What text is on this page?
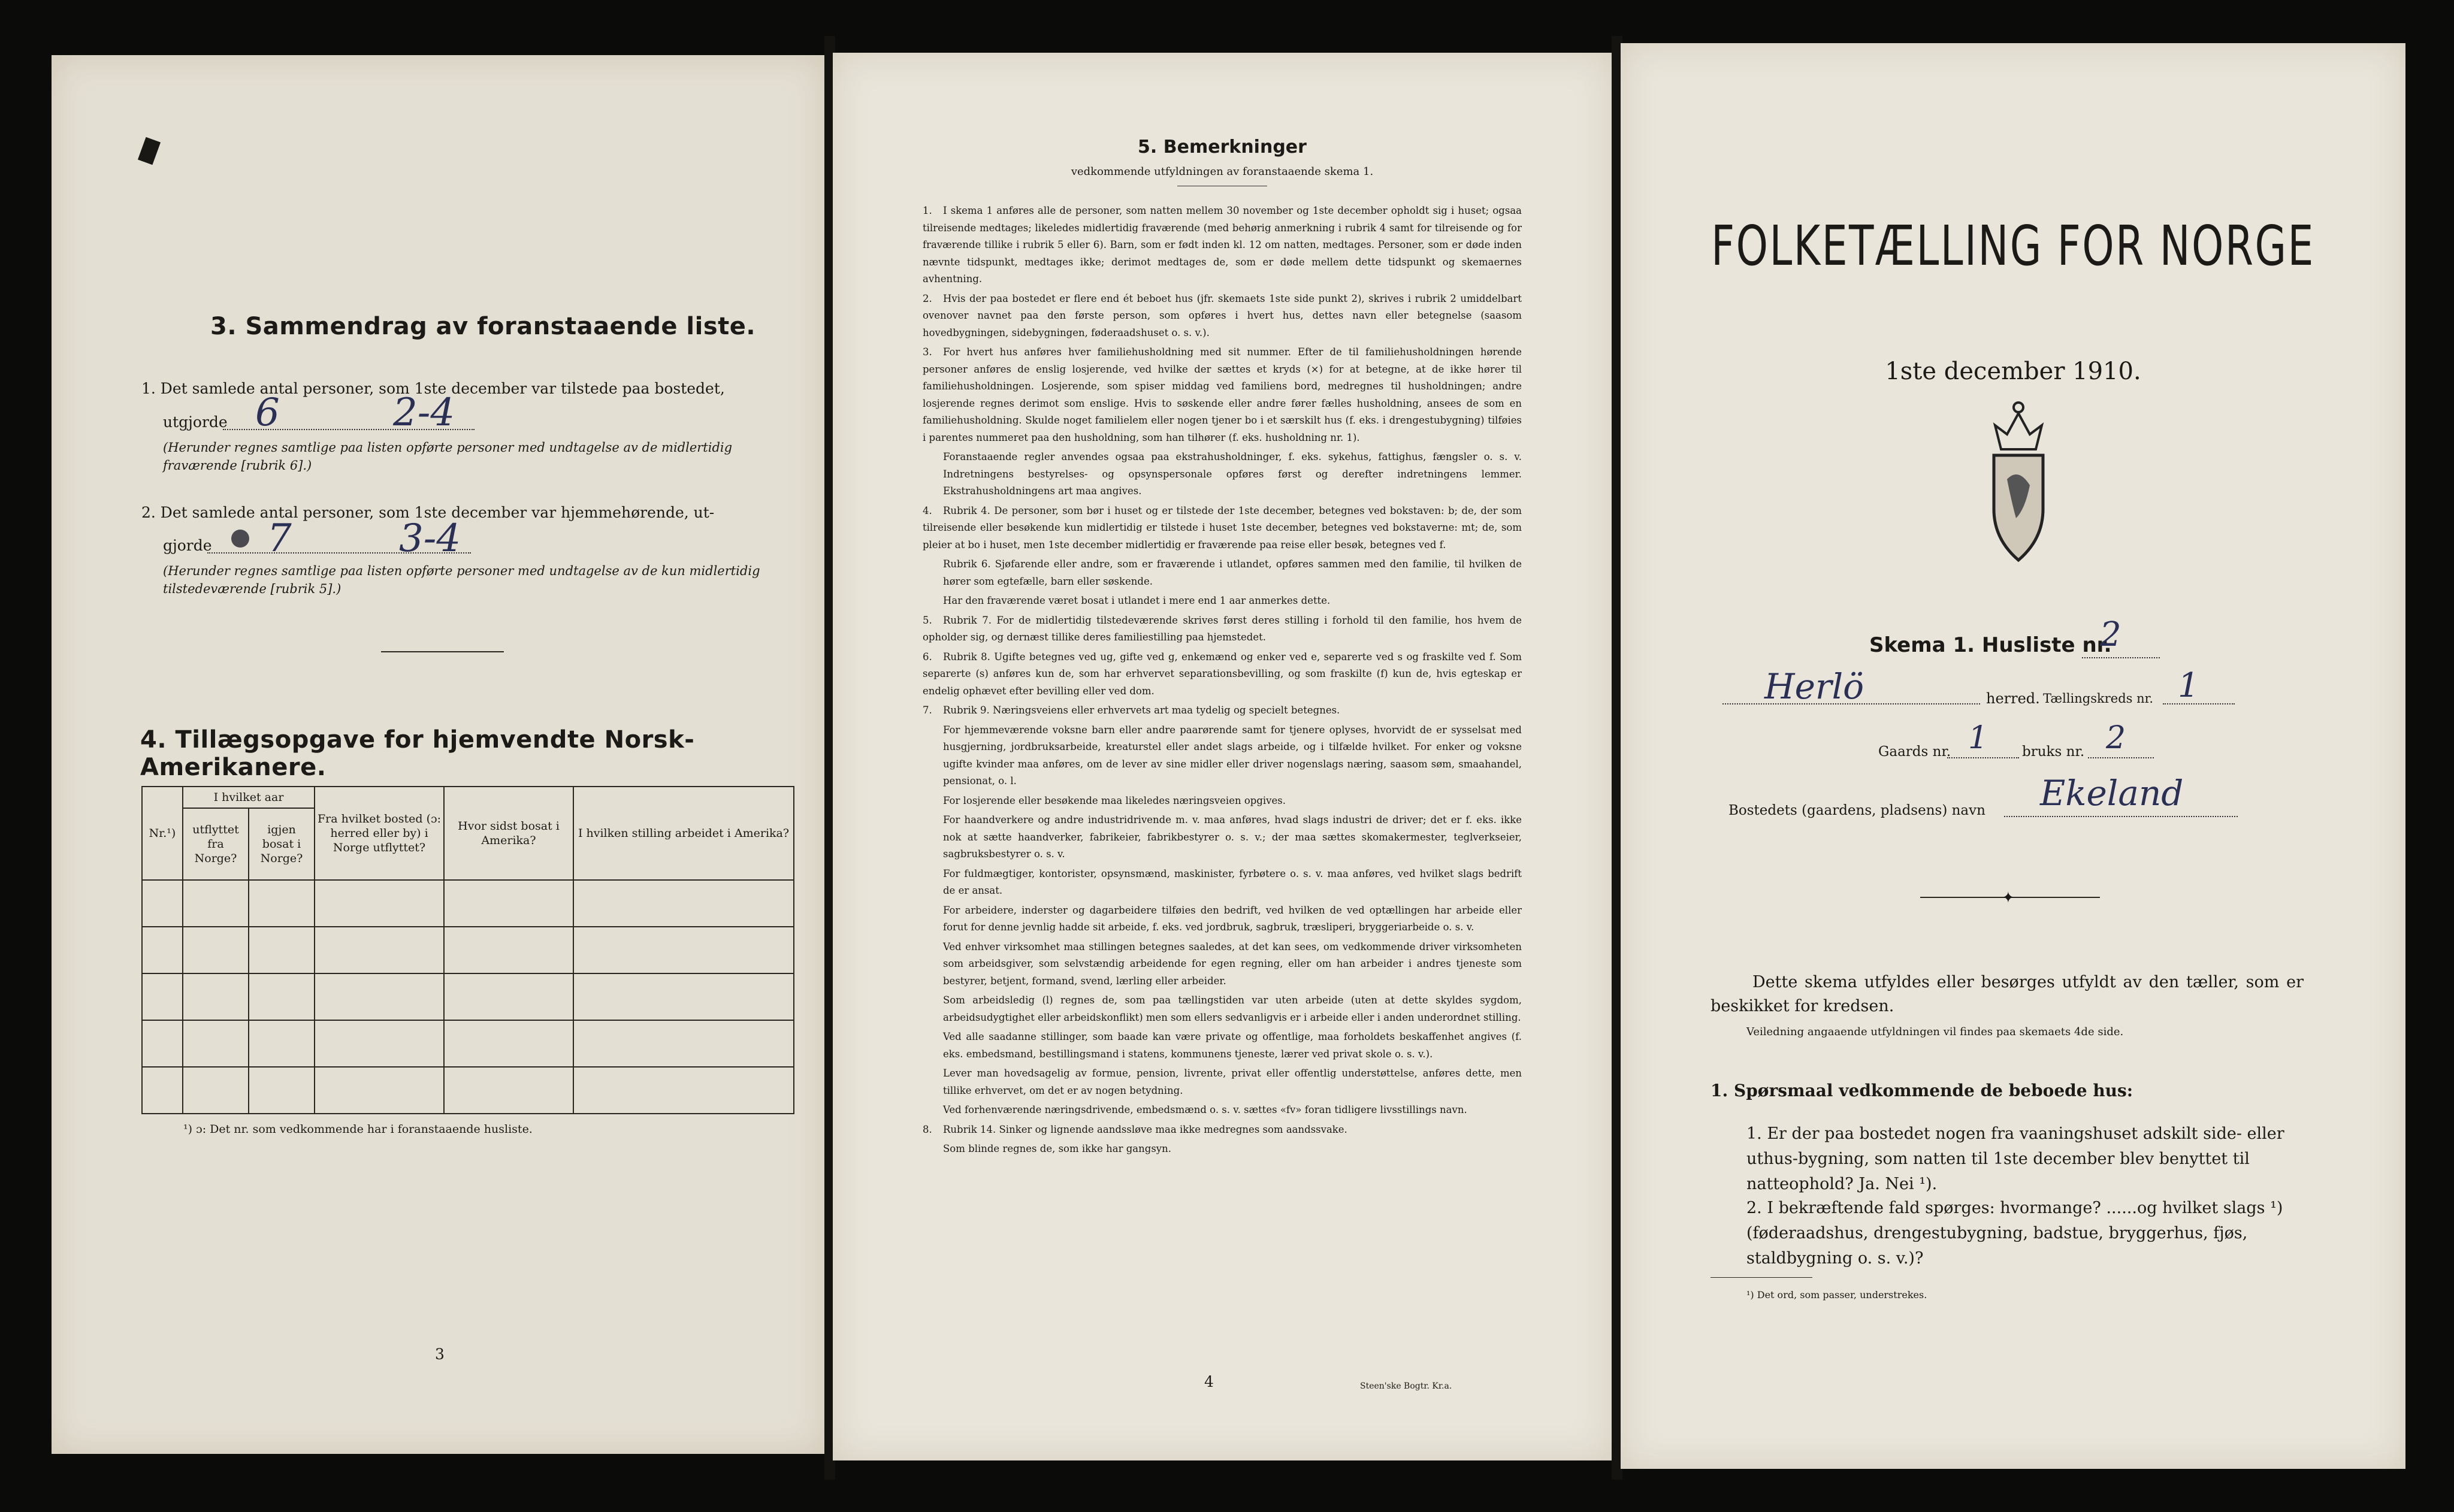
3. Sammendrag av foranstaaende liste.
1. Det samlede antal personer, som 1ste december var tilstede paa bostedet,
utgjorde 6	2-4
(Herunder regnes samtlige paa listen opførte personer med undtagelse av de midlertidig fraværende [rubrik 6].)
2. Det samlede antal personer, som 1ste december var hjemmehørende, ut-
gjorde 7	3-4
(Herunder regnes samtlige paa listen opførte personer med undtagelse av de kun midlertidig tilstedeværende [rubrik 5].)
4. Tillægsopgave for hjemvendte Norsk-Amerikanere.
Nr.¹)	I hvilket aar		Fra hvilket bosted (ɔ: herred eller by) i Norge utflyttet?	Hvor sidst bosat i Amerika?	I hvilken stilling arbeidet i Amerika?
	utflyttet fra Norge?	igjen bosat i Norge?			

¹) ɔ: Det nr. som vedkommende har i foranstaaende husliste.
3
5. Bemerkninger
vedkommende utfyldningen av foranstaaende skema 1.

1. I skema 1 anføres alle de personer, som natten mellem 30 november og 1ste december opholdt sig i huset; ogsaa tilreisende medtages; likeledes midlertidig fraværende (med behørig anmerkning i rubrik 4 samt for tilreisende og for fraværende tillike i rubrik 5 eller 6). Barn, som er født inden kl. 12 om natten, medtages. Personer, som er døde inden nævnte tidspunkt, medtages ikke; derimot medtages de, som er døde mellem dette tidspunkt og skemaernes avhentning.

2. Hvis der paa bostedet er flere end ét beboet hus (jfr. skemaets 1ste side punkt 2), skrives i rubrik 2 umiddelbart ovenover navnet paa den første person, som opføres i hvert hus, dettes navn eller betegnelse (saasom hovedbygningen, sidebygningen, føderaadshuset o. s. v.).

3. For hvert hus anføres hver familiehusholdning med sit nummer. Efter de til familiehusholdningen hørende personer anføres de enslig losjerende, ved hvilke der sættes et kryds (×) for at betegne, at de ikke hører til familiehusholdningen. Losjerende, som spiser middag ved familiens bord, medregnes til husholdningen; andre losjerende regnes derimot som enslige. Hvis to søskende eller andre fører fælles husholdning, ansees de som en familiehusholdning. Skulde noget familielem eller nogen tjener bo i et særskilt hus (f. eks. i drengestubygning) tilføies i parentes nummeret paa den husholdning, som han tilhører (f. eks. husholdning nr. 1).

Foranstaaende regler anvendes ogsaa paa ekstrahusholdninger, f. eks. sykehus, fattighus, fængsler o. s. v. Indretningens bestyrelses- og opsynspersonale opføres først og derefter indretningens lemmer. Ekstrahusholdningens art maa angives.

4. Rubrik 4. De personer, som bør i huset og er tilstede der 1ste december, betegnes ved bokstaven: b; de, der som tilreisende eller besøkende kun midlertidig er tilstede i huset 1ste december, betegnes ved bokstaverne: mt; de, som pleier at bo i huset, men 1ste december midlertidig er fraværende paa reise eller besøk, betegnes ved f.

Rubrik 6. Sjøfarende eller andre, som er fraværende i utlandet, opføres sammen med den familie, til hvilken de hører som egtefælle, barn eller søskende.

Har den fraværende været bosat i utlandet i mere end 1 aar anmerkes dette.

5. Rubrik 7. For de midlertidig tilstedeværende skrives først deres stilling i forhold til den familie, hos hvem de opholder sig, og dernæst tillike deres familiestilling paa hjemstedet.

6. Rubrik 8. Ugifte betegnes ved ug, gifte ved g, enkemænd og enker ved e, separerte ved s og fraskilte ved f. Som separerte (s) anføres kun de, som har erhvervet separationsbevilling, og som fraskilte (f) kun de, hvis egteskap er endelig ophævet efter bevilling eller ved dom.

7. Rubrik 9. Næringsveiens eller erhvervets art maa tydelig og specielt betegnes.

For hjemmeværende voksne barn eller andre paarørende samt for tjenere oplyses, hvorvidt de er sysselsat med husgjerning, jordbruksarbeide, kreaturstel eller andet slags arbeide, og i tilfælde hvilket. For enker og voksne ugifte kvinder maa anføres, om de lever av sine midler eller driver nogenslags næring, saasom søm, smaahandel, pensionat, o. l.

For losjerende eller besøkende maa likeledes næringsveien opgives.

For haandverkere og andre industridrivende m. v. maa anføres, hvad slags industri de driver; det er f. eks. ikke nok at sætte haandverker, fabrikeier, fabrikbestyrer o. s. v.; der maa sættes skomakermester, teglverkseier, sagbruksbestyrer o. s. v.

For fuldmægtiger, kontorister, opsynsmænd, maskinister, fyrbøtere o. s. v. maa anføres, ved hvilket slags bedrift de er ansat.

For arbeidere, inderster og dagarbeidere tilføies den bedrift, ved hvilken de ved optællingen har arbeide eller forut for denne jevnlig hadde sit arbeide, f. eks. ved jordbruk, sagbruk, træsliperi, bryggeriarbeide o. s. v.

Ved enhver virksomhet maa stillingen betegnes saaledes, at det kan sees, om vedkommende driver virksomheten som arbeidsgiver, som selvstændig arbeidende for egen regning, eller om han arbeider i andres tjeneste som bestyrer, betjent, formand, svend, lærling eller arbeider.

Som arbeidsledig (l) regnes de, som paa tællingstiden var uten arbeide (uten at dette skyldes sygdom, arbeidsudygtighet eller arbeidskonflikt) men som ellers sedvanligvis er i arbeide eller i anden underordnet stilling.

Ved alle saadanne stillinger, som baade kan være private og offentlige, maa forholdets beskaffenhet angives (f. eks. embedsmand, bestillingsmand i statens, kommunens tjeneste, lærer ved privat skole o. s. v.).

Lever man hovedsagelig av formue, pension, livrente, privat eller offentlig understøttelse, anføres dette, men tillike erhvervet, om det er av nogen betydning.

Ved forhenværende næringsdrivende, embedsmænd o. s. v. sættes «fv» foran tidligere livsstillings navn.

8. Rubrik 14. Sinker og lignende aandssløve maa ikke medregnes som aandssvake.

Som blinde regnes de, som ikke har gangsyn.

4	Steen'ske Bogtr. Kr.a.
FOLKETÆLLING FOR NORGE
1ste december 1910.
Skema 1. Husliste nr.
2
Herlö	herred. Tællingskreds nr. 1
Gaards nr. 1 bruks nr. 2
Bostedets (gaardens, pladsens) navn Ekeland
✦
Dette skema utfyldes eller besørges utfyldt av den tæller, som er beskikket for kredsen.
Veiledning angaaende utfyldningen vil findes paa skemaets 4de side.
1. Spørsmaal vedkommende de beboede hus:
1. Er der paa bostedet nogen fra vaaningshuset adskilt side- eller uthus-bygning, som natten til 1ste december blev benyttet til natteophold? Ja. Nei ¹).
2. I bekræftende fald spørges: hvormange? ......og hvilket slags ¹) (føderaadshus, drengestubygning, badstue, bryggerhus, fjøs, staldbygning o. s. v.)?
¹) Det ord, som passer, understrekes.
